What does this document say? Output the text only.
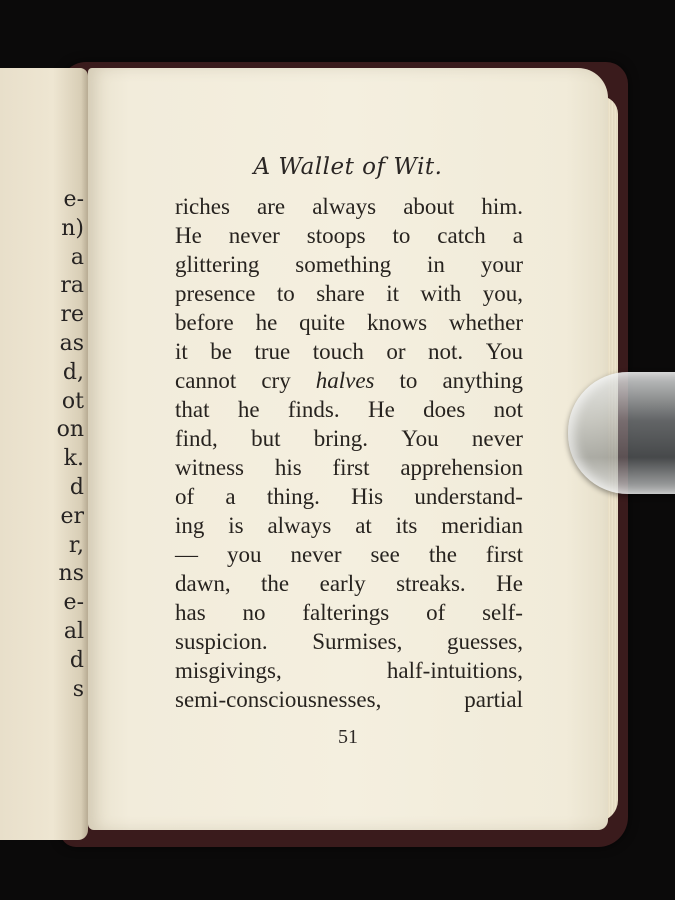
e-
n)
a
ra
re
as
d,
ot
on
k.
d
er
r,
ns
e-
al
d
s
A Wallet of Wit.
riches are always about him.
He never stoops to catch a
glittering something in your
presence to share it with you,
before he quite knows whether
it be true touch or not. You
cannot cry halves to anything
that he finds. He does not
find, but bring. You never
witness his first apprehension
of a thing. His understand-
ing is always at its meridian
— you never see the first
dawn, the early streaks. He
has no falterings of self-
suspicion. Surmises, guesses,
misgivings,	half-intuitions,
semi-consciousnesses,	partial
51
